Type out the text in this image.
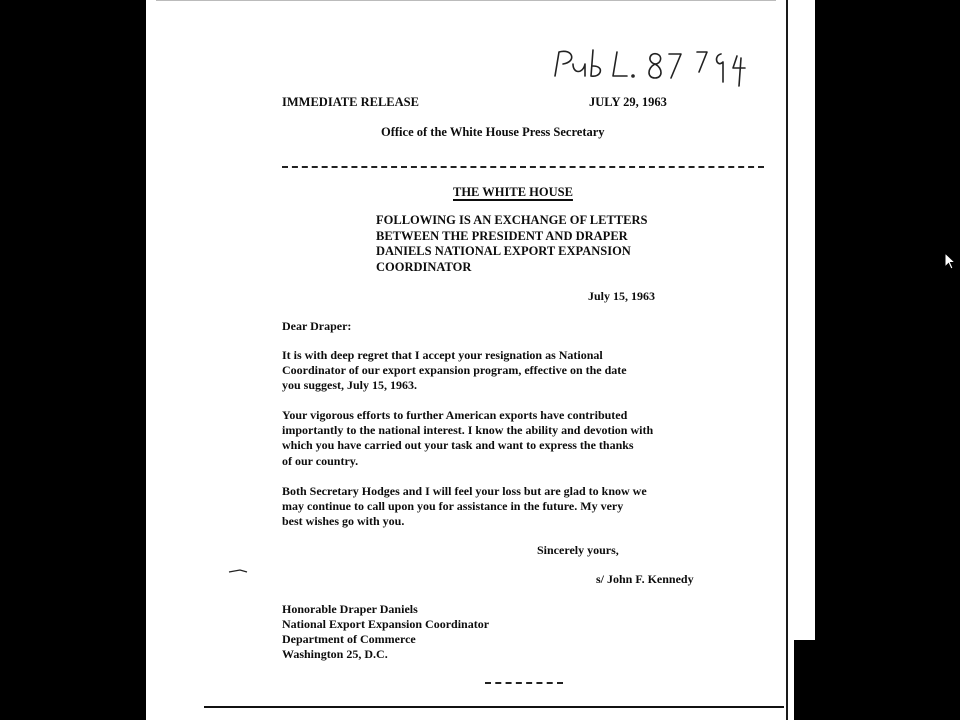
IMMEDIATE RELEASE	JULY 29, 1963
Office of the White House Press Secretary
THE WHITE HOUSE
FOLLOWING IS AN EXCHANGE OF LETTERS
BETWEEN THE PRESIDENT AND DRAPER
DANIELS NATIONAL EXPORT EXPANSION
COORDINATOR
July 15, 1963
Dear Draper:
It is with deep regret that I accept your resignation as National
Coordinator of our export expansion program, effective on the date
you suggest, July 15, 1963.
Your vigorous efforts to further American exports have contributed
importantly to the national interest. I know the ability and devotion with
which you have carried out your task and want to express the thanks
of our country.
Both Secretary Hodges and I will feel your loss but are glad to know we
may continue to call upon you for assistance in the future. My very
best wishes go with you.
Sincerely yours,
s/ John F. Kennedy
Honorable Draper Daniels
National Export Expansion Coordinator
Department of Commerce
Washington 25, D.C.
